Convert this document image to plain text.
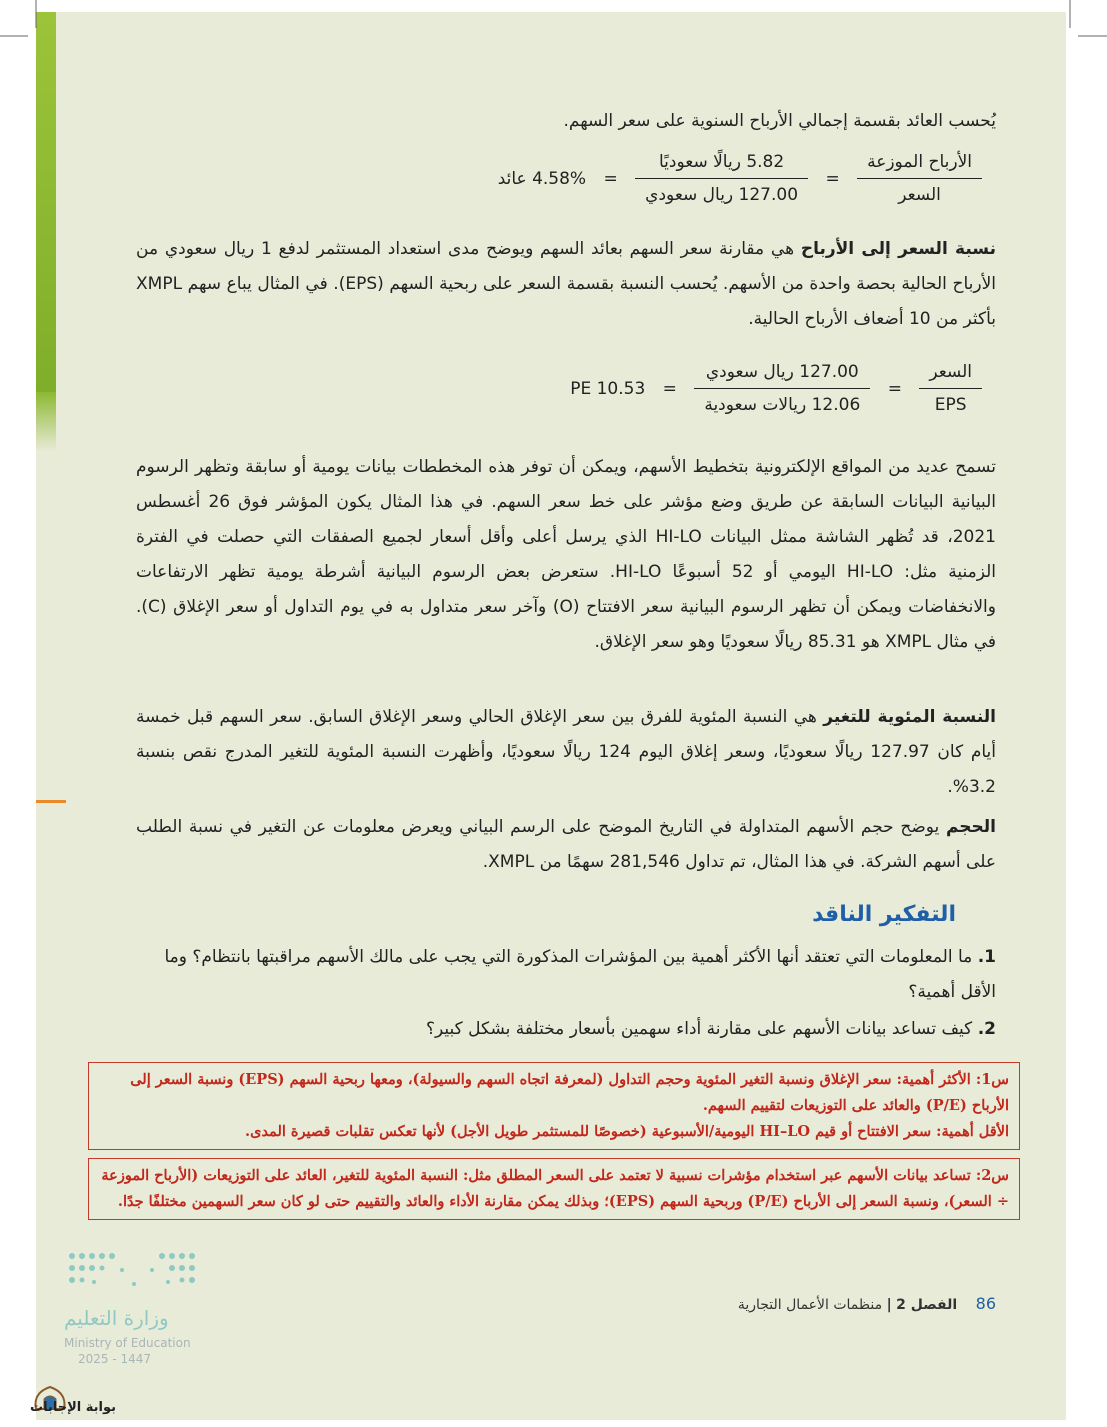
يُحسب العائد بقسمة إجمالي الأرباح السنوية على سعر السهم.
$\frac{\text{الأرباح الموزعة}}{\text{السعر}}$
=
$\frac{\text{5.82 ريالًا سعوديًا}}{\text{127.00 ريال سعودي}}$
= 4.58% عائد
نسبة السعر إلى الأرباح هي مقارنة سعر السهم بعائد السهم ويوضح مدى استعداد المستثمر لدفع 1 ريال سعودي من الأرباح الحالية بحصة واحدة من الأسهم. يُحسب النسبة بقسمة السعر على ربحية السهم (EPS). في المثال يباع سهم XMPL بأكثر من 10 أضعاف الأرباح الحالية.
$\frac{\text{السعر}}{\text{EPS}}$
=
$\frac{\text{127.00 ريال سعودي}}{\text{12.06 ريالات سعودية}}$
= 10.53 PE
تسمح عديد من المواقع الإلكترونية بتخطيط الأسهم، ويمكن أن توفر هذه المخططات بيانات يومية أو سابقة وتظهر الرسوم البيانية البيانات السابقة عن طريق وضع مؤشر على خط سعر السهم. في هذا المثال يكون المؤشر فوق 26 أغسطس 2021، قد تُظهر الشاشة ممثل البيانات HI-LO الذي يرسل أعلى وأقل أسعار لجميع الصفقات التي حصلت في الفترة الزمنية مثل: HI-LO اليومي أو 52 أسبوعًا HI-LO. ستعرض بعض الرسوم البيانية أشرطة يومية تظهر الارتفاعات والانخفاضات ويمكن أن تظهر الرسوم البيانية سعر الافتتاح (O) وآخر سعر متداول به في يوم التداول أو سعر الإغلاق (C). في مثال XMPL هو 85.31 ريالًا سعوديًا وهو سعر الإغلاق.
النسبة المئوية للتغير هي النسبة المئوية للفرق بين سعر الإغلاق الحالي وسعر الإغلاق السابق. سعر السهم قبل خمسة أيام كان 127.97 ريالًا سعوديًا، وسعر إغلاق اليوم 124 ريالًا سعوديًا، وأظهرت النسبة المئوية للتغير المدرج نقص بنسبة 3.2%.
الحجم يوضح حجم الأسهم المتداولة في التاريخ الموضح على الرسم البياني ويعرض معلومات عن التغير في نسبة الطلب على أسهم الشركة. في هذا المثال، تم تداول 281,546 سهمًا من XMPL.
التفكير الناقد
1. ما المعلومات التي تعتقد أنها الأكثر أهمية بين المؤشرات المذكورة التي يجب على مالك الأسهم مراقبتها بانتظام؟ وما الأقل أهمية؟
2. كيف تساعد بيانات الأسهم على مقارنة أداء سهمين بأسعار مختلفة بشكل كبير؟
س1: الأكثر أهمية: سعر الإغلاق ونسبة التغير المئوية وحجم التداول (لمعرفة اتجاه السهم والسيولة)، ومعها ربحية السهم (EPS) ونسبة السعر إلى الأرباح (P/E) والعائد على التوزيعات لتقييم السهم.
الأقل أهمية: سعر الافتتاح أو قيم HI–LO اليومية/الأسبوعية (خصوصًا للمستثمر طويل الأجل) لأنها تعكس تقلبات قصيرة المدى.
س2: تساعد بيانات الأسهم عبر استخدام مؤشرات نسبية لا تعتمد على السعر المطلق مثل: النسبة المئوية للتغير، العائد على التوزيعات (الأرباح الموزعة ÷ السعر)، ونسبة السعر إلى الأرباح (P/E) وربحية السهم (EPS)؛ وبذلك يمكن مقارنة الأداء والعائد والتقييم حتى لو كان سعر السهمين مختلفًا جدًا.
86 الفصل 2 | منظمات الأعمال التجارية
وزارة التعليم
Ministry of Education
2025 - 1447
بوابة الإجابات
